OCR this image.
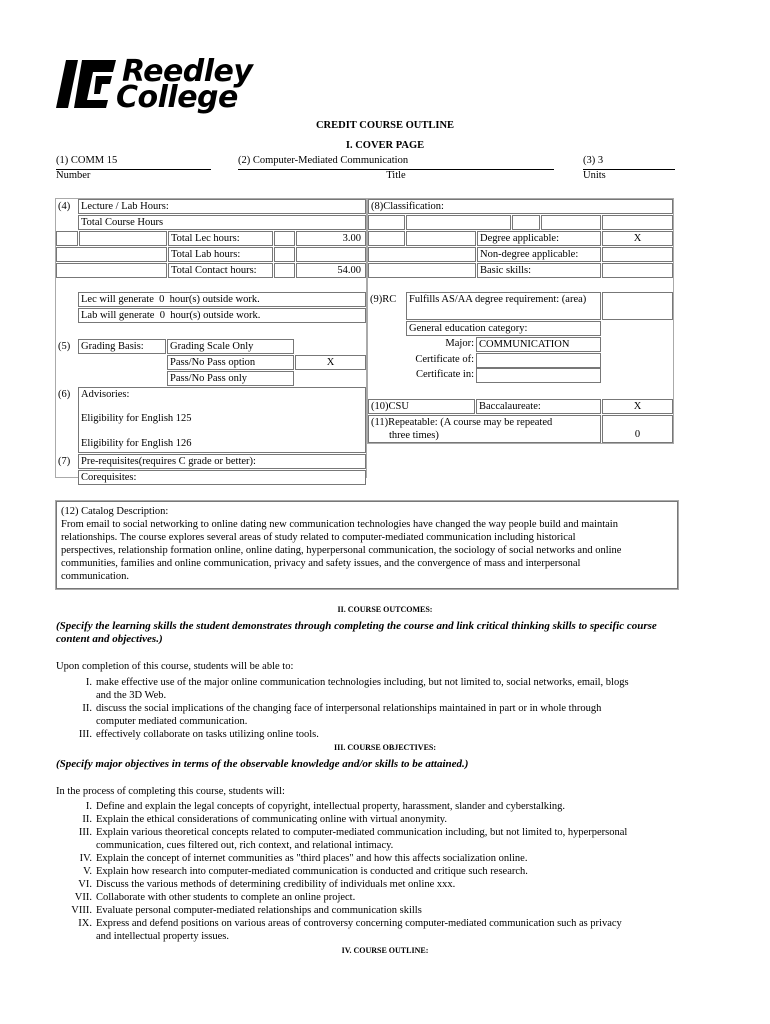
Reedley
College
CREDIT COURSE OUTLINE
I. COVER PAGE
(1) COMM 15
Number
(2) Computer-Mediated Communication
Title
(3) 3
Units
(4) Lecture / Lab Hours:
Total Course Hours
Total Lec hours:	3.00
Total Lab hours:
Total Contact hours:	54.00
Lec will generate  0  hour(s) outside work.
Lab will generate  0  hour(s) outside work.
(5) Grading Basis:	Grading Scale Only
Pass/No Pass option	X
Pass/No Pass only
(6) Advisories:
Eligibility for English 125
Eligibility for English 126
(7) Pre-requisites(requires C grade or better):
Corequisites:
(8)Classification:
Degree applicable:	X
Non-degree applicable:
Basic skills:
(9)RC Fulfills AS/AA degree requirement: (area)
General education category:
Major: COMMUNICATION
Certificate of:
Certificate in:
(10)CSU	Baccalaureate:	X
(11)Repeatable: (A course may be repeated
three times)	0
(12) Catalog Description:
From email to social networking to online dating new communication technologies have changed the way people build and maintain
relationships. The course explores several areas of study related to computer-mediated communication including historical
perspectives, relationship formation online, online dating, hyperpersonal communication, the sociology of social networks and online
communities, families and online communication, privacy and safety issues, and the convergence of mass and interpersonal
communication.
II. COURSE OUTCOMES:
(Specify the learning skills the student demonstrates through completing the course and link critical thinking skills to specific course
content and objectives.)
Upon completion of this course, students will be able to:
I. make effective use of the major online communication technologies including, but not limited to, social networks, email, blogs
and the 3D Web.
II. discuss the social implications of the changing face of interpersonal relationships maintained in part or in whole through
computer mediated communication.
III. effectively collaborate on tasks utilizing online tools.
III. COURSE OBJECTIVES:
(Specify major objectives in terms of the observable knowledge and/or skills to be attained.)
In the process of completing this course, students will:
I. Define and explain the legal concepts of copyright, intellectual property, harassment, slander and cyberstalking.
II. Explain the ethical considerations of communicating online with virtual anonymity.
III. Explain various theoretical concepts related to computer-mediated communication including, but not limited to, hyperpersonal
communication, cues filtered out, rich context, and relational intimacy.
IV. Explain the concept of internet communities as "third places" and how this affects socialization online.
V. Explain how research into computer-mediated communication is conducted and critique such research.
VI. Discuss the various methods of determining credibility of individuals met online xxx.
VII. Collaborate with other students to complete an online project.
VIII. Evaluate personal computer-mediated relationships and communication skills
IX. Express and defend positions on various areas of controversy concerning computer-mediated communication such as privacy
and intellectual property issues.
IV. COURSE OUTLINE:
